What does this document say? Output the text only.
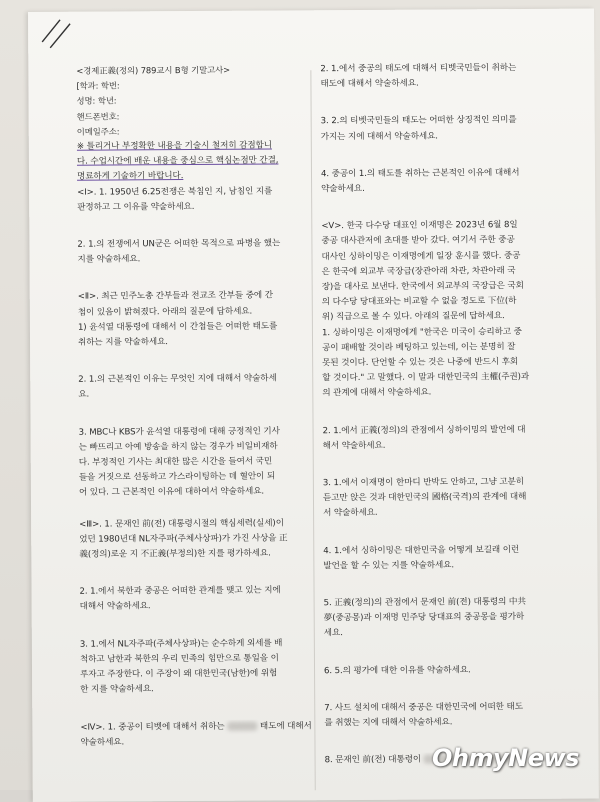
<경제正義(정의) 789교시 B형 기말고사>
[학과: 학번:
성명: 학년:
핸드폰번호:
이메일주소:
※ 틀리거나 부정확한 내용을 기술시 철저히 감점합니
다. 수업시간에 배운 내용을 중심으로 핵심논점만 간결,
명료하게 기술하기 바랍니다.
<Ⅰ>. 1. 1950년 6.25전쟁은 북침인 지, 남침인 지를
판정하고 그 이유를 약술하세요.
2. 1.의 전쟁에서 UN군은 어떠한 목적으로 파병을 했는
지를 약술하세요.
<Ⅱ>. 최근 민주노총 간부들과 전교조 간부들 중에 간
첩이 있음이 밝혀졌다. 아래의 질문에 답하세요.
1) 윤석열 대통령에 대해서 이 간첩들은 어떠한 태도를
취하는 지를 약술하세요.
2. 1.의 근본적인 이유는 무엇인 지에 대해서 약술하세
요.
3. MBC나 KBS가 윤석열 대통령에 대해 긍정적인 기사
는 빠뜨리고 아예 방송을 하지 않는 경우가 비일비재하
다. 부정적인 기사는 최대한 많은 시간을 들여서 국민
들을 거짓으로 선동하고 가스라이팅하는 데 혈안이 되
어 있다. 그 근본적인 이유에 대하여서 약술하세요.
<Ⅲ>. 1. 문재인 前(전) 대통령시절의 핵심세력(실세)이
었던 1980년대 NL자주파(주체사상파)가 가진 사상을 正
義(정의)로운 지 不正義(부정의)한 지를 평가하세요.
2. 1.에서 북한과 중공은 어떠한 관계를 맺고 있는 지에
대해서 약술하세요.
3. 1.에서 NL자주파(주체사상파)는 순수하게 외세를 배
척하고 남한과 북한의 우리 민족의 힘만으로 통일을 이
루자고 주장한다. 이 주장이 왜 대한민국(남한)에 위험
한 지를 약술하세요.
<Ⅳ>. 1. 중공이 티벳에 대해서 취하는	태도에 대해서
약술하세요.
2. 1.에서 중공의 태도에 대해서 티벳국민들이 취하는
태도에 대해서 약술하세요.
3. 2.의 티벳국민들의 태도는 어떠한 상징적인 의미를
가지는 지에 대해서 약술하세요.
4. 중공이 1.의 태도를 취하는 근본적인 이유에 대해서
약술하세요.
<Ⅴ>. 한국 다수당 대표인 이재명은 2023년 6월 8일
중공 대사관저에 초대를 받아 갔다. 여기서 주한 중공
대사인 싱하이밍은 이재명에게 일장 훈시를 했다. 중공
은 한국에 외교부 국장급(장관아래 차관, 차관아래 국
장)을 대사로 보낸다. 한국에서 외교부의 국장급은 국회
의 다수당 당대표와는 비교할 수 없을 정도로 下位(하
위) 직급으로 볼 수 있다. 아래의 질문에 답하세요.
1. 싱하이밍은 이재명에게 "한국은 미국이 승리하고 중
공이 패배할 것이라 베팅하고 있는데, 이는 분명히 잘
못된 것이다. 단언할 수 있는 것은 나중에 반드시 후회
할 것이다." 고 말했다. 이 말과 대한민국의 主權(주권)과
의 관계에 대해서 약술하세요.
2. 1.에서 正義(정의)의 관점에서 싱하이밍의 발언에 대
해서 약술하세요.
3. 1.에서 이재명이 한마디 반박도 안하고, 그냥 고분히
듣고만 앉은 것과 대한민국의 國格(국격)의 관계에 대해
서 약술하세요.
4. 1.에서 싱하이밍은 대한민국을 어떻게 보길래 이런
발언을 할 수 있는 지를 약술하세요.
5. 正義(정의)의 관점에서 문재인 前(전) 대통령의 中共
夢(중공몽)과 이재명 민주당 당대표의 중공몽을 평가하
세요.
6. 5.의 평가에 대한 이유를 약술하세요.
7. 사드 설치에 대해서 중공은 대한민국에 어떠한 태도
를 취했는 지에 대해서 약술하세요.
8. 문재인 前(전) 대통령이 OhmyNews
